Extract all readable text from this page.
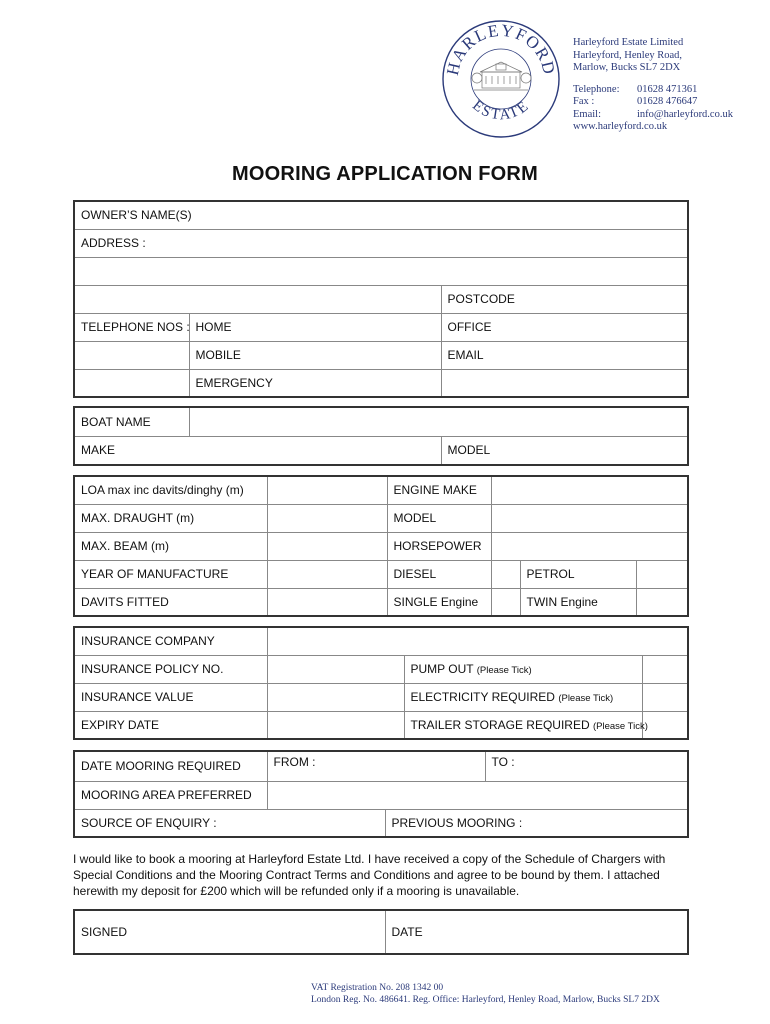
HARLEYFORD
ESTATE
Harleyford Estate Limited
Harleyford, Henley Road,
Marlow, Bucks SL7 2DX
Telephone:	01628 471361
Fax :	01628 476647
Email:	info@harleyford.co.uk
www.harleyford.co.uk
MOORING APPLICATION FORM
OWNER’S NAME(S)		
ADDRESS :		

		POSTCODE
TELEPHONE NOS :	HOME	OFFICE
	MOBILE	EMAIL
	EMERGENCY	
BOAT NAME		
MAKE		MODEL
LOA max inc davits/dinghy (m)		ENGINE MAKE			
MAX. DRAUGHT (m)		MODEL			
MAX. BEAM (m)		HORSEPOWER			
YEAR OF MANUFACTURE		DIESEL		PETROL	
DAVITS FITTED		SINGLE Engine		TWIN Engine	
INSURANCE COMPANY			
INSURANCE POLICY NO.		PUMP OUT (Please Tick)	
INSURANCE VALUE		ELECTRICITY REQUIRED (Please Tick)	
EXPIRY DATE		TRAILER STORAGE REQUIRED (Please Tick)	
DATE MOORING REQUIRED	FROM :		TO :
MOORING AREA PREFERRED			
SOURCE OF ENQUIRY :		PREVIOUS MOORING :	
I would like to book a mooring at Harleyford Estate Ltd. I have received a copy of the Schedule of Chargers with Special Conditions and the Mooring Contract Terms and Conditions and agree to be bound by them. I attached herewith my deposit for £200 which will be refunded only if a mooring is unavailable.
SIGNED	DATE
VAT Registration No. 208 1342 00
London Reg. No. 486641. Reg. Office: Harleyford, Henley Road, Marlow, Bucks SL7 2DX
